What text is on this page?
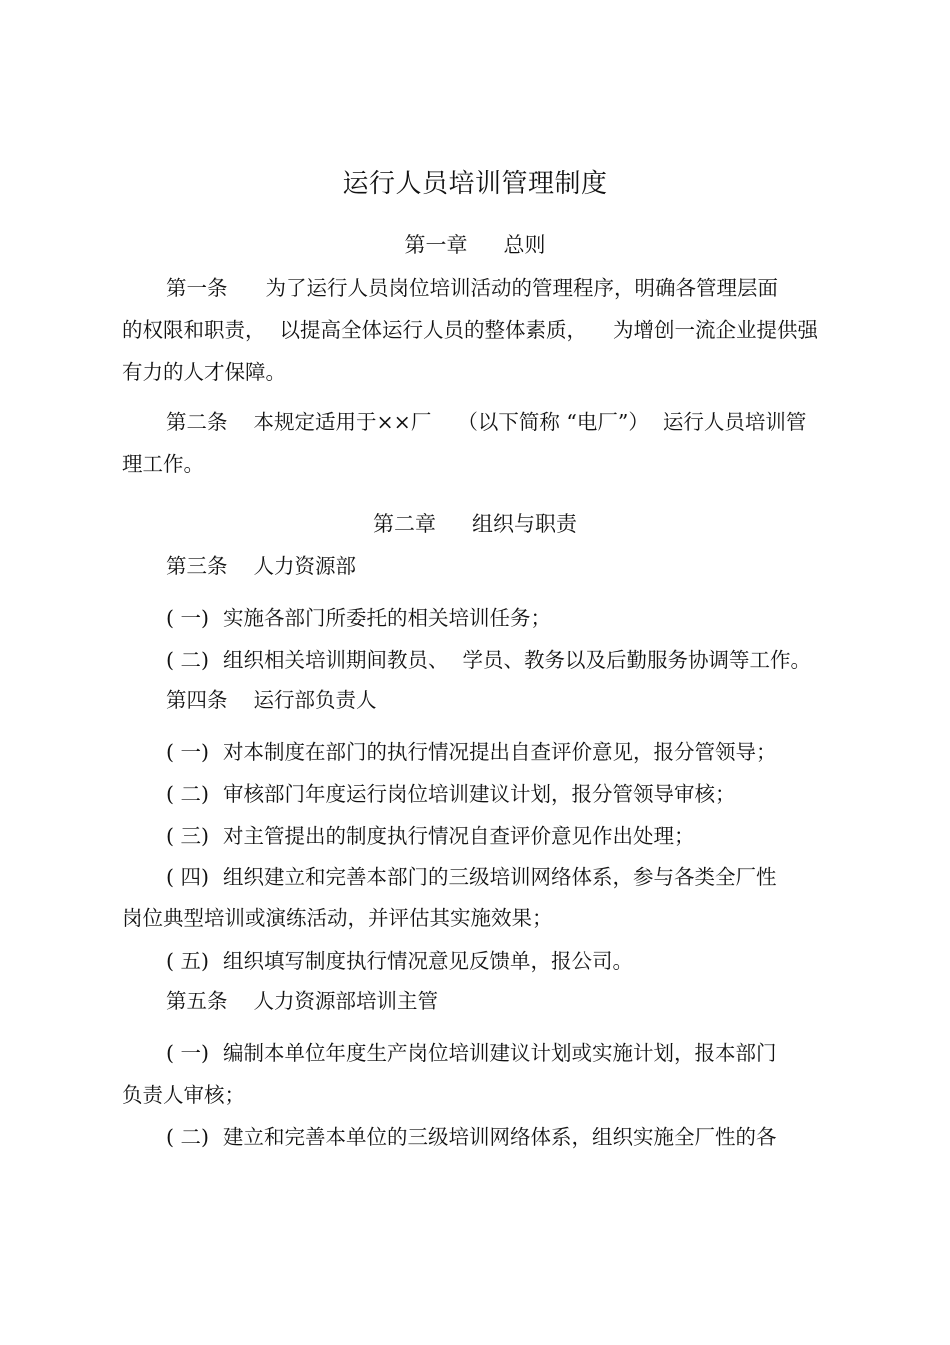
运行人员培训管理制度
第一章 总则
第一条 为了运行人员岗位培训活动的管理程序，明确各管理层面
的权限和职责， 以提高全体运行人员的整体素质， 为增创一流企业提供强
有力的人才保障。
第二条 本规定适用于××厂 （以下简称 “电厂”） 运行人员培训管
理工作。
第二章 组织与职责
第三条 人力资源部
( 一) 实施各部门所委托的相关培训任务；
( 二) 组织相关培训期间教员、 学员、教务以及后勤服务协调等工作。
第四条 运行部负责人
( 一) 对本制度在部门的执行情况提出自查评价意见，报分管领导；
( 二) 审核部门年度运行岗位培训建议计划，报分管领导审核；
( 三) 对主管提出的制度执行情况自查评价意见作出处理；
( 四) 组织建立和完善本部门的三级培训网络体系，参与各类全厂性
岗位典型培训或演练活动，并评估其实施效果；
( 五) 组织填写制度执行情况意见反馈单，报公司。
第五条 人力资源部培训主管
( 一) 编制本单位年度生产岗位培训建议计划或实施计划，报本部门
负责人审核；
( 二) 建立和完善本单位的三级培训网络体系，组织实施全厂性的各
